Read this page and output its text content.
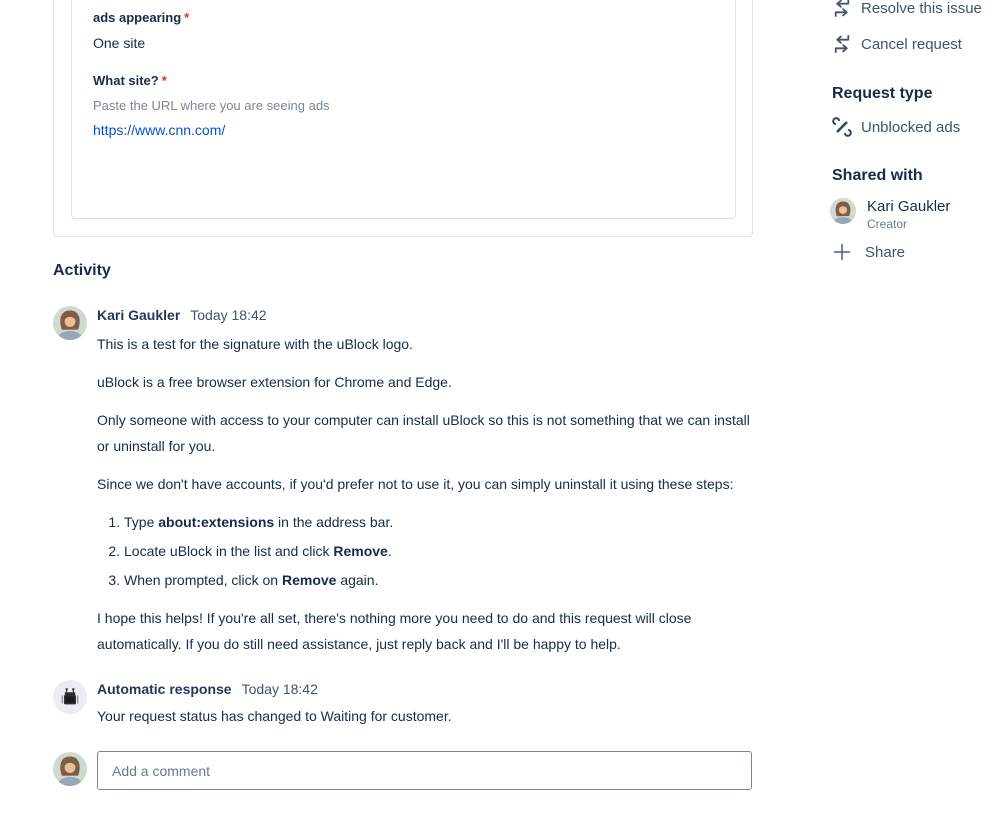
ads appearing *
One site
What site? *
Paste the URL where you are seeing ads
https://www.cnn.com/
Resolve this issue
Cancel request
Request type
Unblocked ads
Shared with
Kari Gaukler
Creator
Share
Activity
Kari Gaukler Today 18:42

This is a test for the signature with the uBlock logo.

uBlock is a free browser extension for Chrome and Edge.

Only someone with access to your computer can install uBlock so this is not something that we can install or uninstall for you.

Since we don't have accounts, if you'd prefer not to use it, you can simply uninstall it using these steps:

1. Type about:extensions in the address bar.
2. Locate uBlock in the list and click Remove.
3. When prompted, click on Remove again.

I hope this helps! If you're all set, there's nothing more you need to do and this request will close automatically. If you do still need assistance, just reply back and I'll be happy to help.

Automatic response Today 18:42

Your request status has changed to Waiting for customer.

Add a comment
